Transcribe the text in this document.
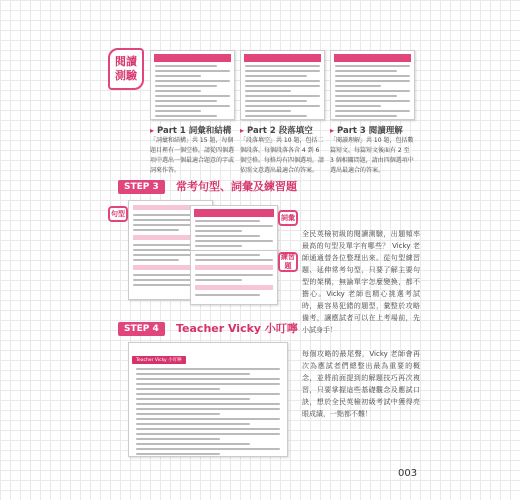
閱讀
測驗
▸ Part 1 詞彙和結構
「詞彙和結構」共 15 題，每個題目裡有一個空格，請從四個選項中選出一個最適合題意的字或詞來作答。
▸ Part 2 段落填空
「段落填空」共 10 題，包括二個段落，每個段落各含 4 到 6 個空格。每格均有四個選項，請依照文意選出最適合的答案。
▸ Part 3 閱讀理解
「閱讀理解」共 10 題，包括數篇短文，每篇短文後面有 2 至 3 個相關問題，請由四個選項中選出最適合的答案。
STEP 3	常考句型、詞彙及練習題
句型	詞彙
練習題
全民英檢初級的閱讀測驗，出題頻率最高的句型及單字有哪些？ Vicky 老師通通替各位整理出來。從句型練習題、延伸常考句型，只要了解主要句型的架構，無論單字怎麼變換，都不擔心。Vicky 老師也精心挑選考試時，最容易犯錯的題型，彙整於攻略備考，讓應試者可以在上考場前，先小試身手！
STEP 4	Teacher Vicky 小叮嚀
Teacher Vicky 小叮嚀
每個攻略的最尾聲，Vicky 老師會再次為應試者們總整出最為重要的概念，並將前面提到的解題技巧再次複習，只要掌握這些基礎觀念及應試口訣，想於全民英檢初級考試中獲得亮眼成績，一點都不難！
003
